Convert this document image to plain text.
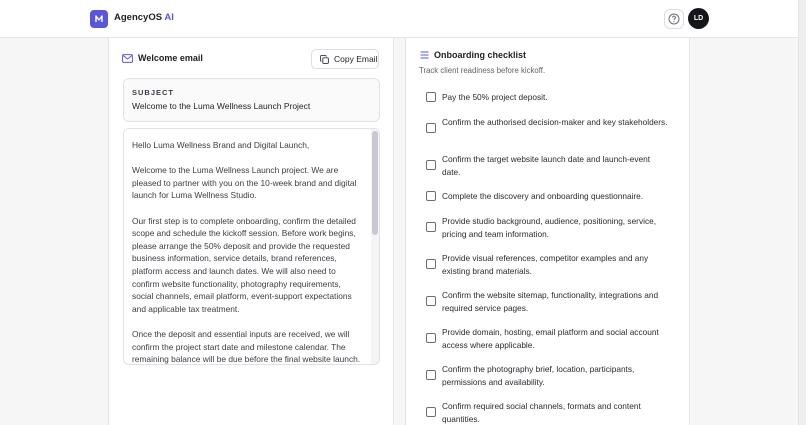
AgencyOS AI	LD
Welcome email	Copy Email
SUBJECT
Welcome to the Luma Wellness Launch Project

Hello Luma Wellness Brand and Digital Launch,

Welcome to the Luma Wellness Launch project. We are pleased to partner with you on the 10-week brand and digital launch for Luma Wellness Studio.

Our first step is to complete onboarding, confirm the detailed scope and schedule the kickoff session. Before work begins, please arrange the 50% deposit and provide the requested business information, service details, brand references, platform access and launch dates. We will also need to confirm website functionality, photography requirements, social channels, email platform, event-support expectations and applicable tax treatment.

Once the deposit and essential inputs are received, we will confirm the project start date and milestone calendar. The remaining balance will be due before the final website launch.

Onboarding checklist
Track client readiness before kickoff.
Pay the 50% project deposit.
Confirm the authorised decision-maker and key stakeholders.
Confirm the target website launch date and launch-event date.
Complete the discovery and onboarding questionnaire.
Provide studio background, audience, positioning, service, pricing and team information.
Provide visual references, competitor examples and any existing brand materials.
Confirm the website sitemap, functionality, integrations and required service pages.
Provide domain, hosting, email platform and social account access where applicable.
Confirm the photography brief, location, participants, permissions and availability.
Confirm required social channels, formats and content quantities.
